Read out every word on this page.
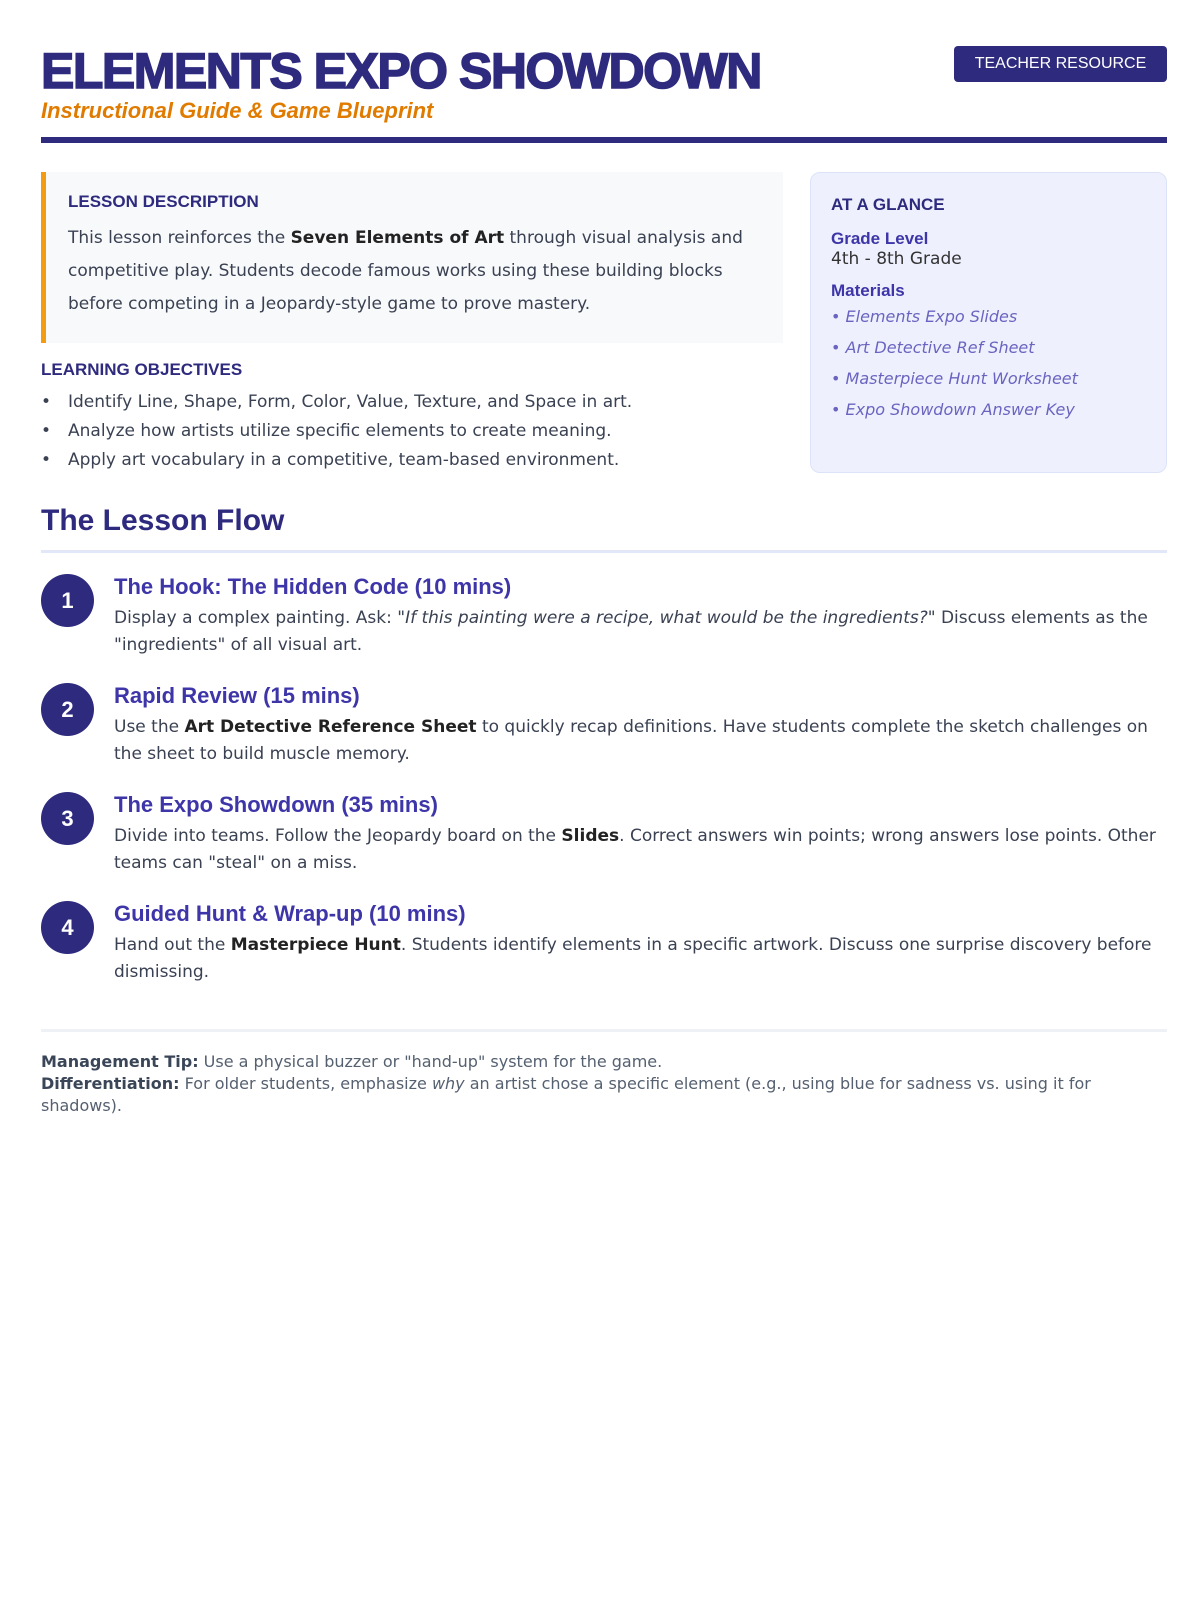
ELEMENTS EXPO SHOWDOWN
Instructional Guide & Game Blueprint
TEACHER RESOURCE
LESSON DESCRIPTION

This lesson reinforces the Seven Elements of Art through visual analysis and competitive play. Students decode famous works using these building blocks before competing in a Jeopardy-style game to prove mastery.

LEARNING OBJECTIVES
• Identify Line, Shape, Form, Color, Value, Texture, and Space in art.
• Analyze how artists utilize specific elements to create meaning.
• Apply art vocabulary in a competitive, team-based environment.
AT A GLANCE
Grade Level
4th - 8th Grade
Materials
• Elements Expo Slides
• Art Detective Ref Sheet
• Masterpiece Hunt Worksheet
• Expo Showdown Answer Key
The Lesson Flow
1
The Hook: The Hidden Code (10 mins)
Display a complex painting. Ask: "If this painting were a recipe, what would be the ingredients?" Discuss elements as the "ingredients" of all visual art.
2
Rapid Review (15 mins)
Use the Art Detective Reference Sheet to quickly recap definitions. Have students complete the sketch challenges on the sheet to build muscle memory.
3
The Expo Showdown (35 mins)
Divide into teams. Follow the Jeopardy board on the Slides. Correct answers win points; wrong answers lose points. Other teams can "steal" on a miss.
4
Guided Hunt & Wrap-up (10 mins)
Hand out the Masterpiece Hunt. Students identify elements in a specific artwork. Discuss one surprise discovery before dismissing.
Management Tip: Use a physical buzzer or "hand-up" system for the game.
Differentiation: For older students, emphasize why an artist chose a specific element (e.g., using blue for sadness vs. using it for shadows).
